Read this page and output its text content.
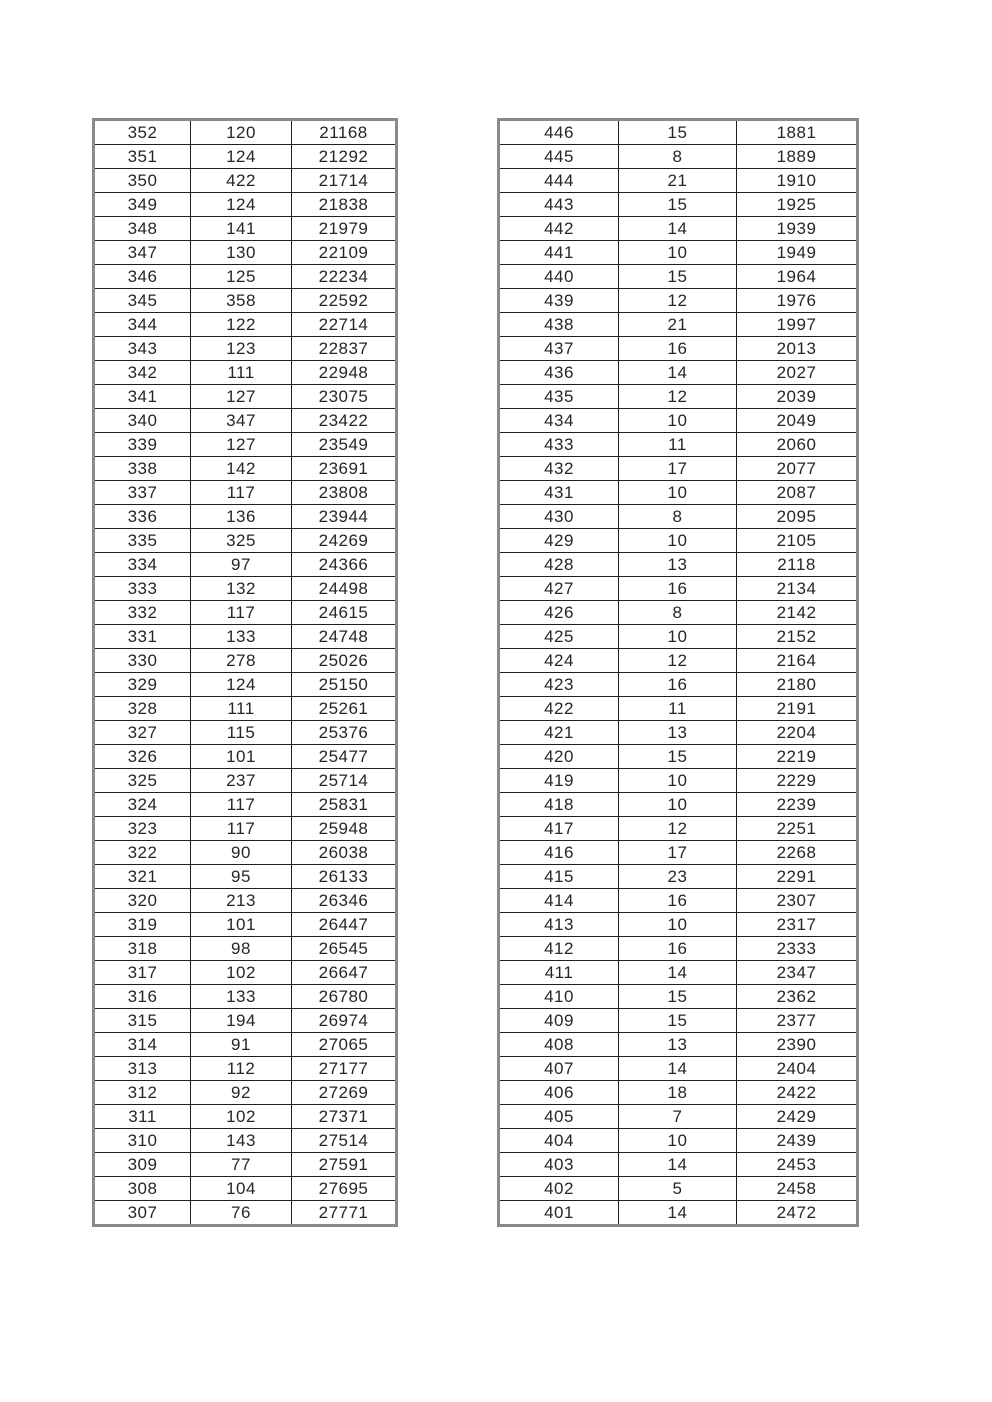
352	120	21168
351	124	21292
350	422	21714
349	124	21838
348	141	21979
347	130	22109
346	125	22234
345	358	22592
344	122	22714
343	123	22837
342	111	22948
341	127	23075
340	347	23422
339	127	23549
338	142	23691
337	117	23808
336	136	23944
335	325	24269
334	97	24366
333	132	24498
332	117	24615
331	133	24748
330	278	25026
329	124	25150
328	111	25261
327	115	25376
326	101	25477
325	237	25714
324	117	25831
323	117	25948
322	90	26038
321	95	26133
320	213	26346
319	101	26447
318	98	26545
317	102	26647
316	133	26780
315	194	26974
314	91	27065
313	112	27177
312	92	27269
311	102	27371
310	143	27514
309	77	27591
308	104	27695
307	76	27771
446	15	1881
445	8	1889
444	21	1910
443	15	1925
442	14	1939
441	10	1949
440	15	1964
439	12	1976
438	21	1997
437	16	2013
436	14	2027
435	12	2039
434	10	2049
433	11	2060
432	17	2077
431	10	2087
430	8	2095
429	10	2105
428	13	2118
427	16	2134
426	8	2142
425	10	2152
424	12	2164
423	16	2180
422	11	2191
421	13	2204
420	15	2219
419	10	2229
418	10	2239
417	12	2251
416	17	2268
415	23	2291
414	16	2307
413	10	2317
412	16	2333
411	14	2347
410	15	2362
409	15	2377
408	13	2390
407	14	2404
406	18	2422
405	7	2429
404	10	2439
403	14	2453
402	5	2458
401	14	2472
